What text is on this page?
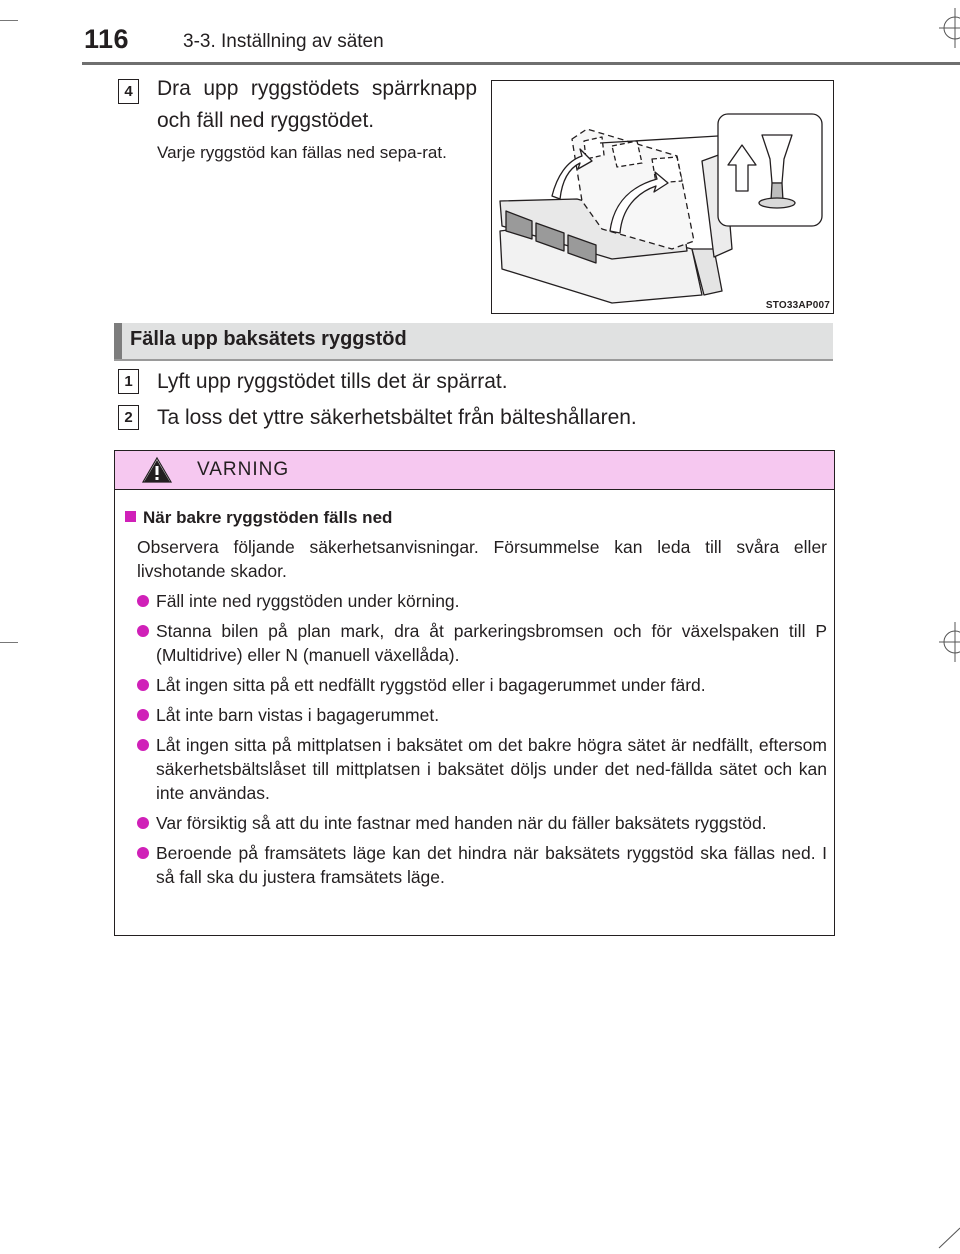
116	3-3. Inställning av säten
4	Dra upp ryggstödets spärrknapp och fäll ned ryggstödet.
Varje ryggstöd kan fällas ned sepa-rat.
STO33AP007
Fälla upp baksätets ryggstöd
1	Lyft upp ryggstödet tills det är spärrat.
2	Ta loss det yttre säkerhetsbältet från bälteshållaren.
VARNING
När bakre ryggstöden fälls ned
Observera följande säkerhetsanvisningar. Försummelse kan leda till svåra eller livshotande skador.
Fäll inte ned ryggstöden under körning.
Stanna bilen på plan mark, dra åt parkeringsbromsen och för växelspaken till P (Multidrive) eller N (manuell växellåda).
Låt ingen sitta på ett nedfällt ryggstöd eller i bagagerummet under färd.
Låt inte barn vistas i bagagerummet.
Låt ingen sitta på mittplatsen i baksätet om det bakre högra sätet är nedfällt, eftersom säkerhetsbältslåset till mittplatsen i baksätet döljs under det ned-fällda sätet och kan inte användas.
Var försiktig så att du inte fastnar med handen när du fäller baksätets ryggstöd.
Beroende på framsätets läge kan det hindra när baksätets ryggstöd ska fällas ned. I så fall ska du justera framsätets läge.
